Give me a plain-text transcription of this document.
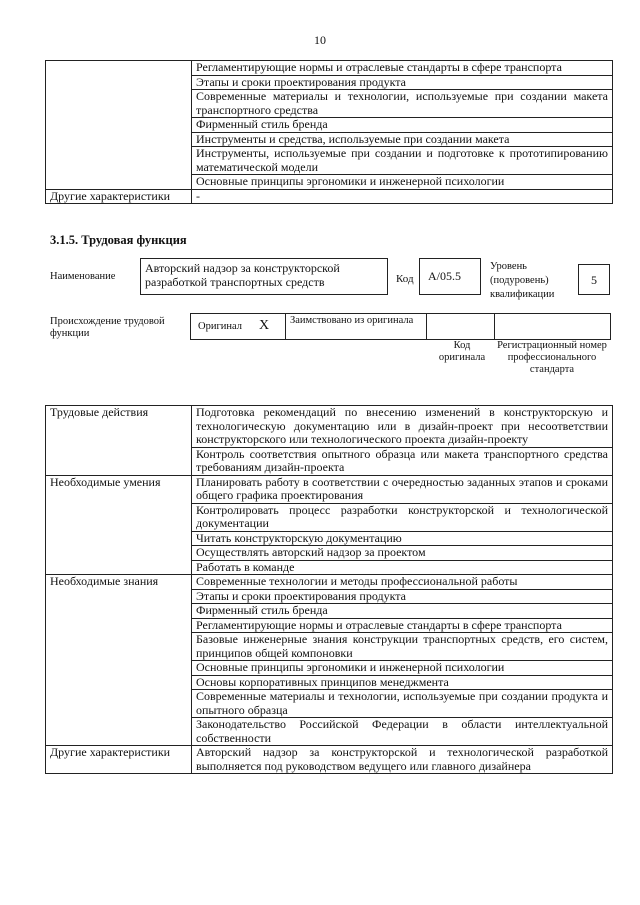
10
	Регламентирующие нормы и отраслевые стандарты в сфере транспорта
	Этапы и сроки проектирования продукта
	Современные материалы и технологии, используемые при создании макета транспортного средства
	Фирменный стиль бренда
	Инструменты и средства, используемые при создании макета
	Инструменты, используемые при создании и подготовке к прототипированию математической модели
	Основные принципы эргономики и инженерной психологии
Другие характеристики	-
3.1.5. Трудовая функция
Наименование
Авторский надзор за конструкторской разработкой транспортных средств	Код	А/05.5
Уровень (подуровень) квалификации
5
Происхождение трудовой функции
Оригинал X Заимствовано из оригинала
Код оригинала
Регистрационный номер профессионального стандарта
Трудовые действия	Подготовка рекомендаций по внесению изменений в конструкторскую и технологическую документацию или в дизайн-проект при несоответствии конструкторского или технологического проекта дизайн-проекту
	Контроль соответствия опытного образца или макета транспортного средства требованиям дизайн-проекта
Необходимые умения	Планировать работу в соответствии с очередностью заданных этапов и сроками общего графика проектирования
	Контролировать процесс разработки конструкторской и технологической документации
	Читать конструкторскую документацию
	Осуществлять авторский надзор за проектом
	Работать в команде
Необходимые знания	Современные технологии и методы профессиональной работы
	Этапы и сроки проектирования продукта
	Фирменный стиль бренда
	Регламентирующие нормы и отраслевые стандарты в сфере транспорта
	Базовые инженерные знания конструкции транспортных средств, его систем, принципов общей компоновки
	Основные принципы эргономики и инженерной психологии
	Основы корпоративных принципов менеджмента
	Современные материалы и технологии, используемые при создании продукта и опытного образца
	Законодательство Российской Федерации в области интеллектуальной собственности
Другие характеристики	Авторский надзор за конструкторской и технологической разработкой выполняется под руководством ведущего или главного дизайнера
